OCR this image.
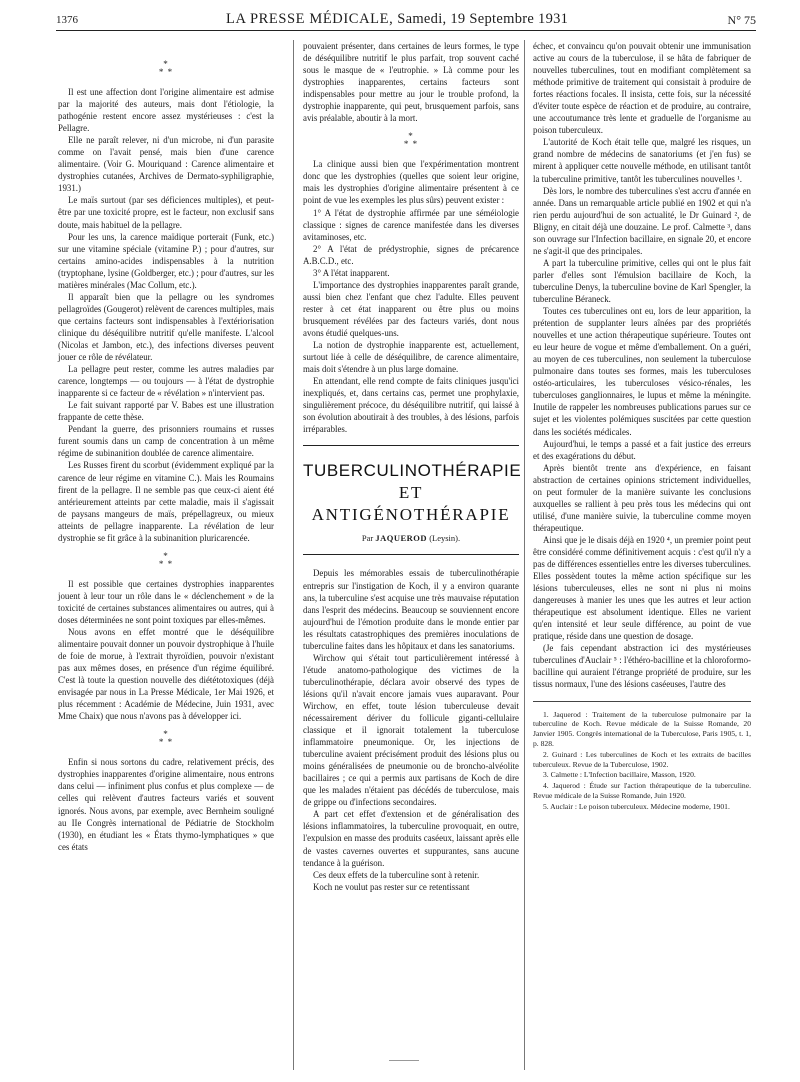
1376	LA PRESSE MÉDICALE, Samedi, 19 Septembre 1931	N° 75
*
* *

Il est une affection dont l'origine alimentaire est admise par la majorité des auteurs, mais dont l'étiologie, la pathogénie restent encore assez mystérieuses : c'est la Pellagre.

Elle ne paraît relever, ni d'un microbe, ni d'un parasite comme on l'avait pensé, mais bien d'une carence alimentaire. (Voir G. Mouriquand : Carence alimentaire et dystrophies cutanées, Archives de Dermato-syphiligraphie, 1931.)

Le maïs surtout (par ses déficiences multiples), et peut-être par une toxicité propre, est le facteur, non exclusif sans doute, mais habituel de la pellagre.

Pour les uns, la carence maïdique porterait (Funk, etc.) sur une vitamine spéciale (vitamine P.) ; pour d'autres, sur certains amino-acides indispensables à la nutrition (tryptophane, lysine (Goldberger, etc.) ; pour d'autres, sur les matières minérales (Mac Collum, etc.).

Il apparaît bien que la pellagre ou les syndromes pellagroïdes (Gougerot) relèvent de carences multiples, mais que certains facteurs sont indispensables à l'extériorisation clinique du déséquilibre nutritif qu'elle manifeste. L'alcool (Nicolas et Jambon, etc.), des infections diverses peuvent jouer ce rôle de révélateur.

La pellagre peut rester, comme les autres maladies par carence, longtemps — ou toujours — à l'état de dystrophie inapparente si ce facteur de « révélation » n'intervient pas.

Le fait suivant rapporté par V. Babes est une illustration frappante de cette thèse.

Pendant la guerre, des prisonniers roumains et russes furent soumis dans un camp de concentration à un même régime de subinanition doublée de carence alimentaire.

Les Russes firent du scorbut (évidemment expliqué par la carence de leur régime en vitamine C.). Mais les Roumains firent de la pellagre. Il ne semble pas que ceux-ci aient été antérieurement atteints par cette maladie, mais il s'agissait de paysans mangeurs de maïs, prépellagreux, ou mieux atteints de pellagre inapparente. La révélation de leur dystrophie se fit grâce à la subinanition pluricarencée.

*
* *

Il est possible que certaines dystrophies inapparentes jouent à leur tour un rôle dans le « déclenchement » de la toxicité de certaines substances alimentaires ou autres, qui à doses déterminées ne sont point toxiques par elles-mêmes.

Nous avons en effet montré que le déséquilibre alimentaire pouvait donner un pouvoir dystrophique à l'huile de foie de morue, à l'extrait thyroïdien, pouvoir n'existant pas aux mêmes doses, en présence d'un régime équilibré. C'est là toute la question nouvelle des diététotoxiques (déjà envisagée par nous in La Presse Médicale, 1er Mai 1926, et plus récemment : Académie de Médecine, Juin 1931, avec Mme Chaix) que nous n'avons pas à développer ici.

*
* *

Enfin si nous sortons du cadre, relativement précis, des dystrophies inapparentes d'origine alimentaire, nous entrons dans celui — infiniment plus confus et plus complexe — de celles qui relèvent d'autres facteurs variés et souvent ignorés. Nous avons, par exemple, avec Bernheim souligné au IIe Congrès international de Pédiatrie de Stockholm (1930), en étudiant les « États thymo-lymphatiques » que ces états

pouvaient présenter, dans certaines de leurs formes, le type de déséquilibre nutritif le plus parfait, trop souvent caché sous le masque de « l'eutrophie. » Là comme pour les dystrophies inapparentes, certains facteurs sont indispensables pour mettre au jour le trouble profond, la dystrophie inapparente, qui peut, brusquement parfois, sans avis préalable, aboutir à la mort.

*
* *

La clinique aussi bien que l'expérimentation montrent donc que les dystrophies (quelles que soient leur origine, mais les dystrophies d'origine alimentaire présentent à ce point de vue les exemples les plus sûrs) peuvent exister :

1° A l'état de dystrophie affirmée par une séméiologie classique : signes de carence manifestée dans les diverses avitaminoses, etc.

2° A l'état de prédystrophie, signes de précarence A.B.C.D., etc.

3° A l'état inapparent.

L'importance des dystrophies inapparentes paraît grande, aussi bien chez l'enfant que chez l'adulte. Elles peuvent rester à cet état inapparent ou être plus ou moins brusquement révélées par des facteurs variés, dont nous avons étudié quelques-uns.

La notion de dystrophie inapparente est, actuellement, surtout liée à celle de déséquilibre, de carence alimentaire, mais doit s'étendre à un plus large domaine.

En attendant, elle rend compte de faits cliniques jusqu'ici inexpliqués, et, dans certains cas, permet une prophylaxie, singulièrement précoce, du déséquilibre nutritif, qui laissé à son évolution aboutirait à des troubles, à des lésions, parfois irréparables.

TUBERCULINOTHÉRAPIE
ET ANTIGÉNOTHÉRAPIE
Par JAQUEROD (Leysin).

Depuis les mémorables essais de tuberculinothérapie entrepris sur l'instigation de Koch, il y a environ quarante ans, la tuberculine s'est acquise une très mauvaise réputation dans l'esprit des médecins. Beaucoup se souviennent encore aujourd'hui de l'émotion produite dans le monde entier par les résultats catastrophiques des premières inoculations de tuberculine faites dans les hôpitaux et dans les sanatoriums.

Wirchow qui s'était tout particulièrement intéressé à l'étude anatomo-pathologique des victimes de la tuberculinothérapie, déclara avoir observé des types de lésions qu'il n'avait encore jamais vues auparavant. Pour Wirchow, en effet, toute lésion tuberculeuse devait nécessairement dériver du follicule giganti-cellulaire classique et il ignorait totalement la tuberculose inflammatoire pneumonique. Or, les injections de tuberculine avaient précisément produit des lésions plus ou moins généralisées de pneumonie ou de broncho-alvéolite bacillaires ; ce qui a permis aux partisans de Koch de dire que les malades n'étaient pas décédés de tuberculose, mais de grippe ou d'infections secondaires.

A part cet effet d'extension et de généralisation des lésions inflammatoires, la tuberculine provoquait, en outre, l'expulsion en masse des produits caséeux, laissant après elle de vastes cavernes ouvertes et suppurantes, sans aucune tendance à la guérison.

Ces deux effets de la tuberculine sont à retenir.

Koch ne voulut pas rester sur ce retentissant

échec, et convaincu qu'on pouvait obtenir une immunisation active au cours de la tuberculose, il se hâta de fabriquer de nouvelles tuberculines, tout en modifiant complètement sa méthode primitive de traitement qui consistait à produire de fortes réactions focales. Il insista, cette fois, sur la nécessité d'éviter toute espèce de réaction et de produire, au contraire, une accoutumance très lente et graduelle de l'organisme au poison tuberculeux.

L'autorité de Koch était telle que, malgré les risques, un grand nombre de médecins de sanatoriums (et j'en fus) se mirent à appliquer cette nouvelle méthode, en utilisant tantôt la tuberculine primitive, tantôt les tuberculines nouvelles ¹.

Dès lors, le nombre des tuberculines s'est accru d'année en année. Dans un remarquable article publié en 1902 et qui n'a rien perdu aujourd'hui de son actualité, le Dr Guinard ², de Bligny, en citait déjà une douzaine. Le prof. Calmette ³, dans son ouvrage sur l'Infection bacillaire, en signale 20, et encore ne s'agit-il que des principales.

A part la tuberculine primitive, celles qui ont le plus fait parler d'elles sont l'émulsion bacillaire de Koch, la tuberculine Denys, la tuberculine bovine de Karl Spengler, la tuberculine Béraneck.

Toutes ces tuberculines ont eu, lors de leur apparition, la prétention de supplanter leurs aînées par des propriétés nouvelles et une action thérapeutique supérieure. Toutes ont eu leur heure de vogue et même d'emballement. On a guéri, au moyen de ces tuberculines, non seulement la tuberculose pulmonaire dans toutes ses formes, mais les tuberculoses ostéo-articulaires, les tuberculoses vésico-rénales, les tuberculoses ganglionnaires, le lupus et même la méningite. Inutile de rappeler les nombreuses publications parues sur ce sujet et les violentes polémiques suscitées par cette question dans les sociétés médicales.

Aujourd'hui, le temps a passé et a fait justice des erreurs et des exagérations du début.

Après bientôt trente ans d'expérience, en faisant abstraction de certaines opinions strictement individuelles, on peut formuler de la manière suivante les conclusions auxquelles se rallient à peu près tous les médecins qui ont utilisé, d'une manière suivie, la tuberculine comme moyen thérapeutique.

Ainsi que je le disais déjà en 1920 ⁴, un premier point peut être considéré comme définitivement acquis : c'est qu'il n'y a pas de différences essentielles entre les diverses tuberculines. Elles possèdent toutes la même action spécifique sur les lésions tuberculeuses, elles ne sont ni plus ni moins dangereuses à manier les unes que les autres et leur action thérapeutique est absolument identique. Elles ne varient qu'en intensité et leur seule différence, au point de vue pratique, réside dans une question de dosage.

(Je fais cependant abstraction ici des mystérieuses tuberculines d'Auclair ⁵ : l'éthéro-bacilline et la chloroformo-bacilline qui auraient l'étrange propriété de produire, sur les tissus normaux, l'une des lésions caséeuses, l'autre des

1. Jaquerod : Traitement de la tuberculose pulmonaire par la tuberculine de Koch. Revue médicale de la Suisse Romande, 20 Janvier 1905. Congrès international de la Tuberculose, Paris 1905, t. 1, p. 828.
2. Guinard : Les tuberculines de Koch et les extraits de bacilles tuberculeux. Revue de la Tuberculose, 1902.
3. Calmette : L'Infection bacillaire, Masson, 1920.
4. Jaquerod : Étude sur l'action thérapeutique de la tuberculine. Revue médicale de la Suisse Romande, Juin 1920.
5. Auclair : Le poison tuberculeux. Médecine moderne, 1901.
